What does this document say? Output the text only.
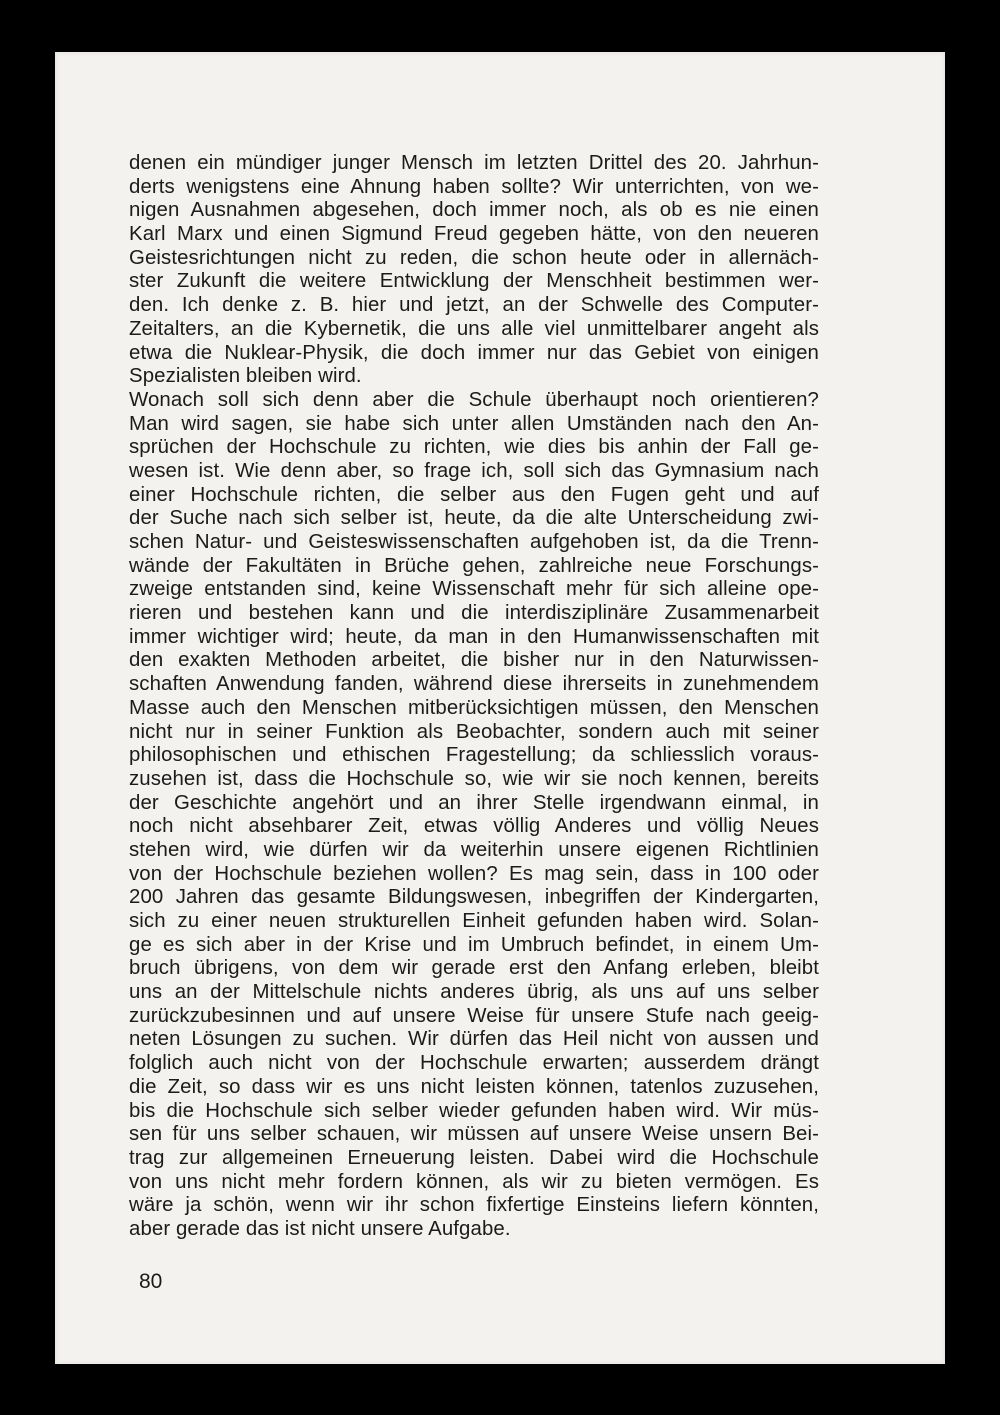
denen ein mündiger junger Mensch im letzten Drittel des 20. Jahrhun-
derts wenigstens eine Ahnung haben sollte? Wir unterrichten, von we-
nigen Ausnahmen abgesehen, doch immer noch, als ob es nie einen
Karl Marx und einen Sigmund Freud gegeben hätte, von den neueren
Geistesrichtungen nicht zu reden, die schon heute oder in allernäch-
ster Zukunft die weitere Entwicklung der Menschheit bestimmen wer-
den. Ich denke z. B. hier und jetzt, an der Schwelle des Computer-
Zeitalters, an die Kybernetik, die uns alle viel unmittelbarer angeht als
etwa die Nuklear-Physik, die doch immer nur das Gebiet von einigen
Spezialisten bleiben wird.
Wonach soll sich denn aber die Schule überhaupt noch orientieren?
Man wird sagen, sie habe sich unter allen Umständen nach den An-
sprüchen der Hochschule zu richten, wie dies bis anhin der Fall ge-
wesen ist. Wie denn aber, so frage ich, soll sich das Gymnasium nach
einer Hochschule richten, die selber aus den Fugen geht und auf
der Suche nach sich selber ist, heute, da die alte Unterscheidung zwi-
schen Natur- und Geisteswissenschaften aufgehoben ist, da die Trenn-
wände der Fakultäten in Brüche gehen, zahlreiche neue Forschungs-
zweige entstanden sind, keine Wissenschaft mehr für sich alleine ope-
rieren und bestehen kann und die interdisziplinäre Zusammenarbeit
immer wichtiger wird; heute, da man in den Humanwissenschaften mit
den exakten Methoden arbeitet, die bisher nur in den Naturwissen-
schaften Anwendung fanden, während diese ihrerseits in zunehmendem
Masse auch den Menschen mitberücksichtigen müssen, den Menschen
nicht nur in seiner Funktion als Beobachter, sondern auch mit seiner
philosophischen und ethischen Fragestellung; da schliesslich voraus-
zusehen ist, dass die Hochschule so, wie wir sie noch kennen, bereits
der Geschichte angehört und an ihrer Stelle irgendwann einmal, in
noch nicht absehbarer Zeit, etwas völlig Anderes und völlig Neues
stehen wird, wie dürfen wir da weiterhin unsere eigenen Richtlinien
von der Hochschule beziehen wollen? Es mag sein, dass in 100 oder
200 Jahren das gesamte Bildungswesen, inbegriffen der Kindergarten,
sich zu einer neuen strukturellen Einheit gefunden haben wird. Solan-
ge es sich aber in der Krise und im Umbruch befindet, in einem Um-
bruch übrigens, von dem wir gerade erst den Anfang erleben, bleibt
uns an der Mittelschule nichts anderes übrig, als uns auf uns selber
zurückzubesinnen und auf unsere Weise für unsere Stufe nach geeig-
neten Lösungen zu suchen. Wir dürfen das Heil nicht von aussen und
folglich auch nicht von der Hochschule erwarten; ausserdem drängt
die Zeit, so dass wir es uns nicht leisten können, tatenlos zuzusehen,
bis die Hochschule sich selber wieder gefunden haben wird. Wir müs-
sen für uns selber schauen, wir müssen auf unsere Weise unsern Bei-
trag zur allgemeinen Erneuerung leisten. Dabei wird die Hochschule
von uns nicht mehr fordern können, als wir zu bieten vermögen. Es
wäre ja schön, wenn wir ihr schon fixfertige Einsteins liefern könnten,
aber gerade das ist nicht unsere Aufgabe.
80
